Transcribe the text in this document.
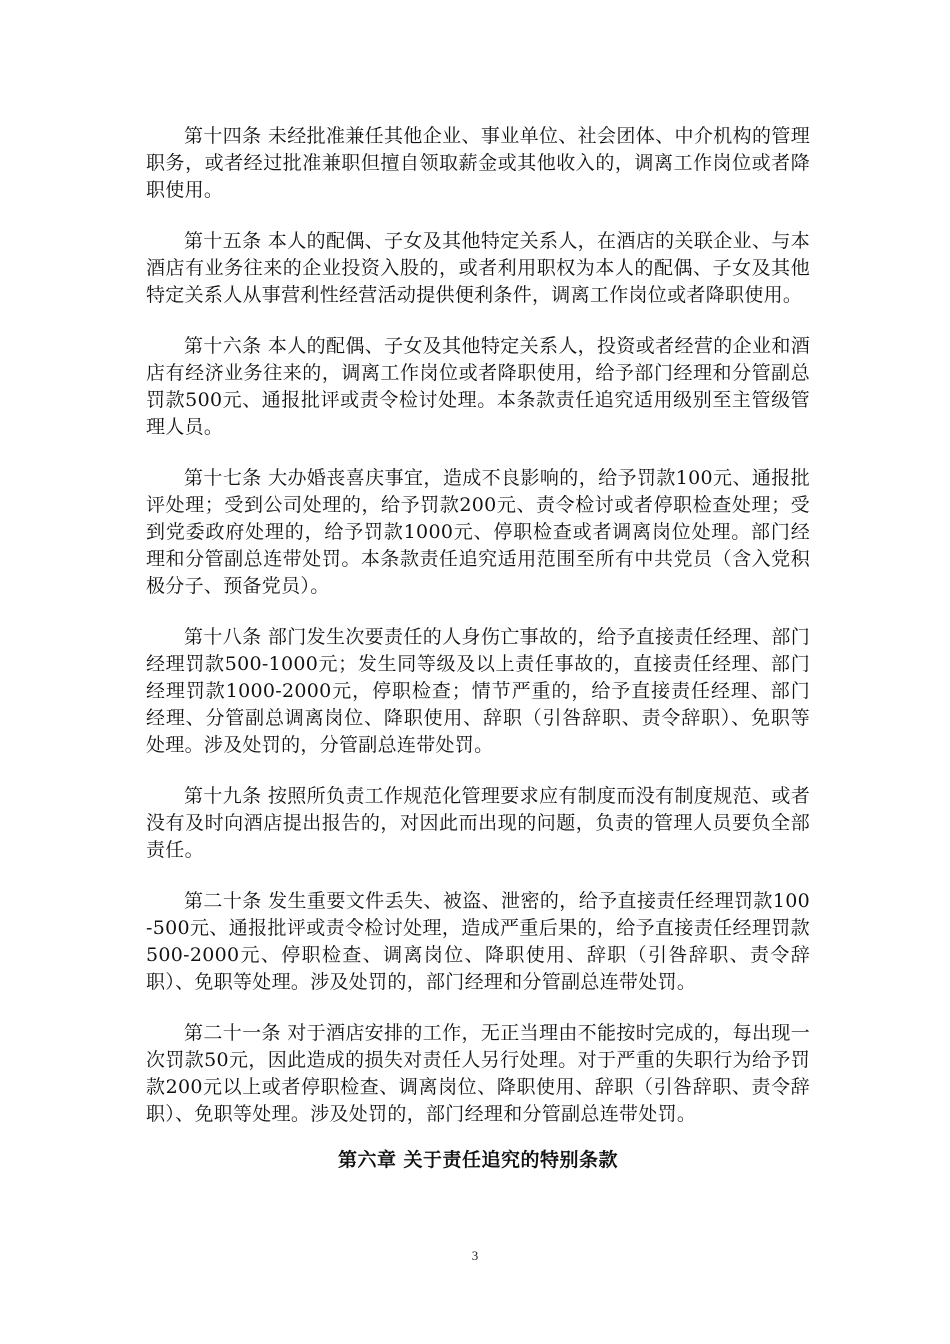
第十四条 未经批准兼任其他企业、事业单位、社会团体、中介机构的管理职务，或者经过批准兼职但擅自领取薪金或其他收入的，调离工作岗位或者降职使用。

第十五条 本人的配偶、子女及其他特定关系人，在酒店的关联企业、与本酒店有业务往来的企业投资入股的，或者利用职权为本人的配偶、子女及其他特定关系人从事营利性经营活动提供便利条件，调离工作岗位或者降职使用。

第十六条 本人的配偶、子女及其他特定关系人，投资或者经营的企业和酒店有经济业务往来的，调离工作岗位或者降职使用，给予部门经理和分管副总罚款500元、通报批评或责令检讨处理。本条款责任追究适用级别至主管级管理人员。

第十七条 大办婚丧喜庆事宜，造成不良影响的，给予罚款100元、通报批评处理；受到公司处理的，给予罚款200元、责令检讨或者停职检查处理；受到党委政府处理的，给予罚款1000元、停职检查或者调离岗位处理。部门经理和分管副总连带处罚。本条款责任追究适用范围至所有中共党员（含入党积极分子、预备党员）。

第十八条 部门发生次要责任的人身伤亡事故的，给予直接责任经理、部门经理罚款500-1000元；发生同等级及以上责任事故的，直接责任经理、部门经理罚款1000-2000元，停职检查；情节严重的，给予直接责任经理、部门经理、分管副总调离岗位、降职使用、辞职（引咎辞职、责令辞职）、免职等处理。涉及处罚的，分管副总连带处罚。

第十九条 按照所负责工作规范化管理要求应有制度而没有制度规范、或者没有及时向酒店提出报告的，对因此而出现的问题，负责的管理人员要负全部责任。

第二十条 发生重要文件丢失、被盗、泄密的，给予直接责任经理罚款100-500元、通报批评或责令检讨处理，造成严重后果的，给予直接责任经理罚款500-2000元、停职检查、调离岗位、降职使用、辞职（引咎辞职、责令辞职）、免职等处理。涉及处罚的，部门经理和分管副总连带处罚。

第二十一条 对于酒店安排的工作，无正当理由不能按时完成的，每出现一次罚款50元，因此造成的损失对责任人另行处理。对于严重的失职行为给予罚款200元以上或者停职检查、调离岗位、降职使用、辞职（引咎辞职、责令辞职）、免职等处理。涉及处罚的，部门经理和分管副总连带处罚。

第六章 关于责任追究的特别条款
3
